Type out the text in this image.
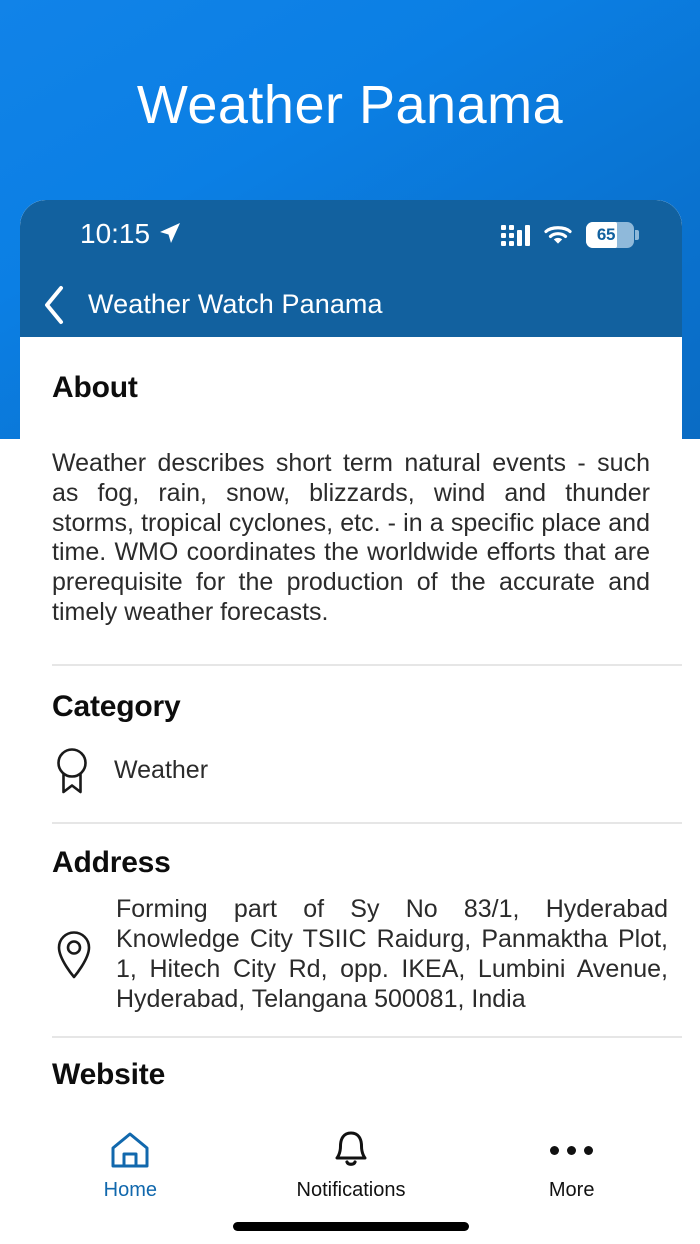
Weather Panama
10:15	65
Weather Watch Panama
About
Weather describes short term natural events - such as fog, rain, snow, blizzards, wind and thunder storms, tropical cyclones, etc. - in a specific place and time. WMO coordinates the worldwide efforts that are prerequisite for the production of the accurate and timely weather forecasts.
Category
Weather
Address
Forming part of Sy No 83/1, Hyderabad Knowledge City TSIIC Raidurg, Panmaktha Plot, 1, Hitech City Rd, opp. IKEA, Lumbini Avenue, Hyderabad, Telangana 500081, India
Website
Home	Notifications	More
